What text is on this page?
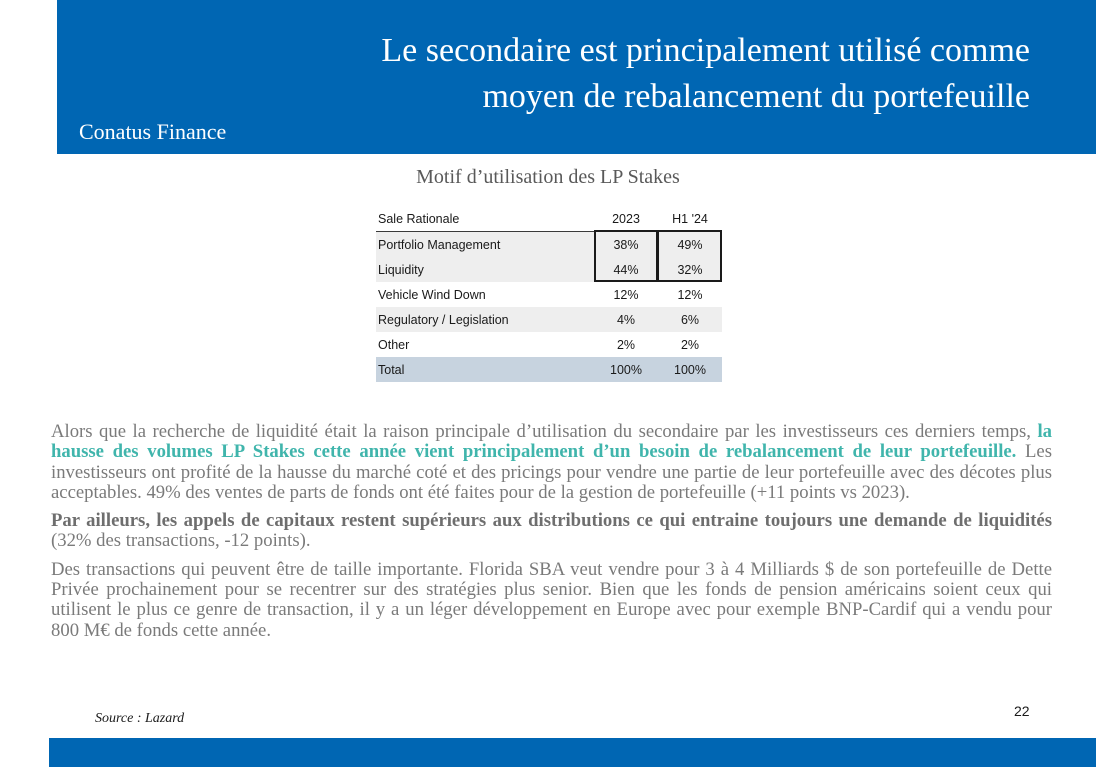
Le secondaire est principalement utilisé comme
moyen de rebalancement du portefeuille
Conatus Finance
Motif d’utilisation des LP Stakes
Sale Rationale	2023	H1 '24
Portfolio Management	38%	49%
Liquidity	44%	32%
Vehicle Wind Down	12%	12%
Regulatory / Legislation	4%	6%
Other	2%	2%
Total	100%	100%

Alors que la recherche de liquidité était la raison principale d’utilisation du secondaire par les investisseurs ces derniers temps, la hausse des volumes LP Stakes cette année vient principalement d’un besoin de rebalancement de leur portefeuille. Les investisseurs ont profité de la hausse du marché coté et des pricings pour vendre une partie de leur portefeuille avec des décotes plus acceptables. 49% des ventes de parts de fonds ont été faites pour de la gestion de portefeuille (+11 points vs 2023).

Par ailleurs, les appels de capitaux restent supérieurs aux distributions ce qui entraine toujours une demande de liquidités (32% des transactions, -12 points).

Des transactions qui peuvent être de taille importante. Florida SBA veut vendre pour 3 à 4 Milliards $ de son portefeuille de Dette Privée prochainement pour se recentrer sur des stratégies plus senior. Bien que les fonds de pension américains soient ceux qui utilisent le plus ce genre de transaction, il y a un léger développement en Europe avec pour exemple BNP-Cardif qui a vendu pour 800 M€ de fonds cette année.

Source : Lazard	22
